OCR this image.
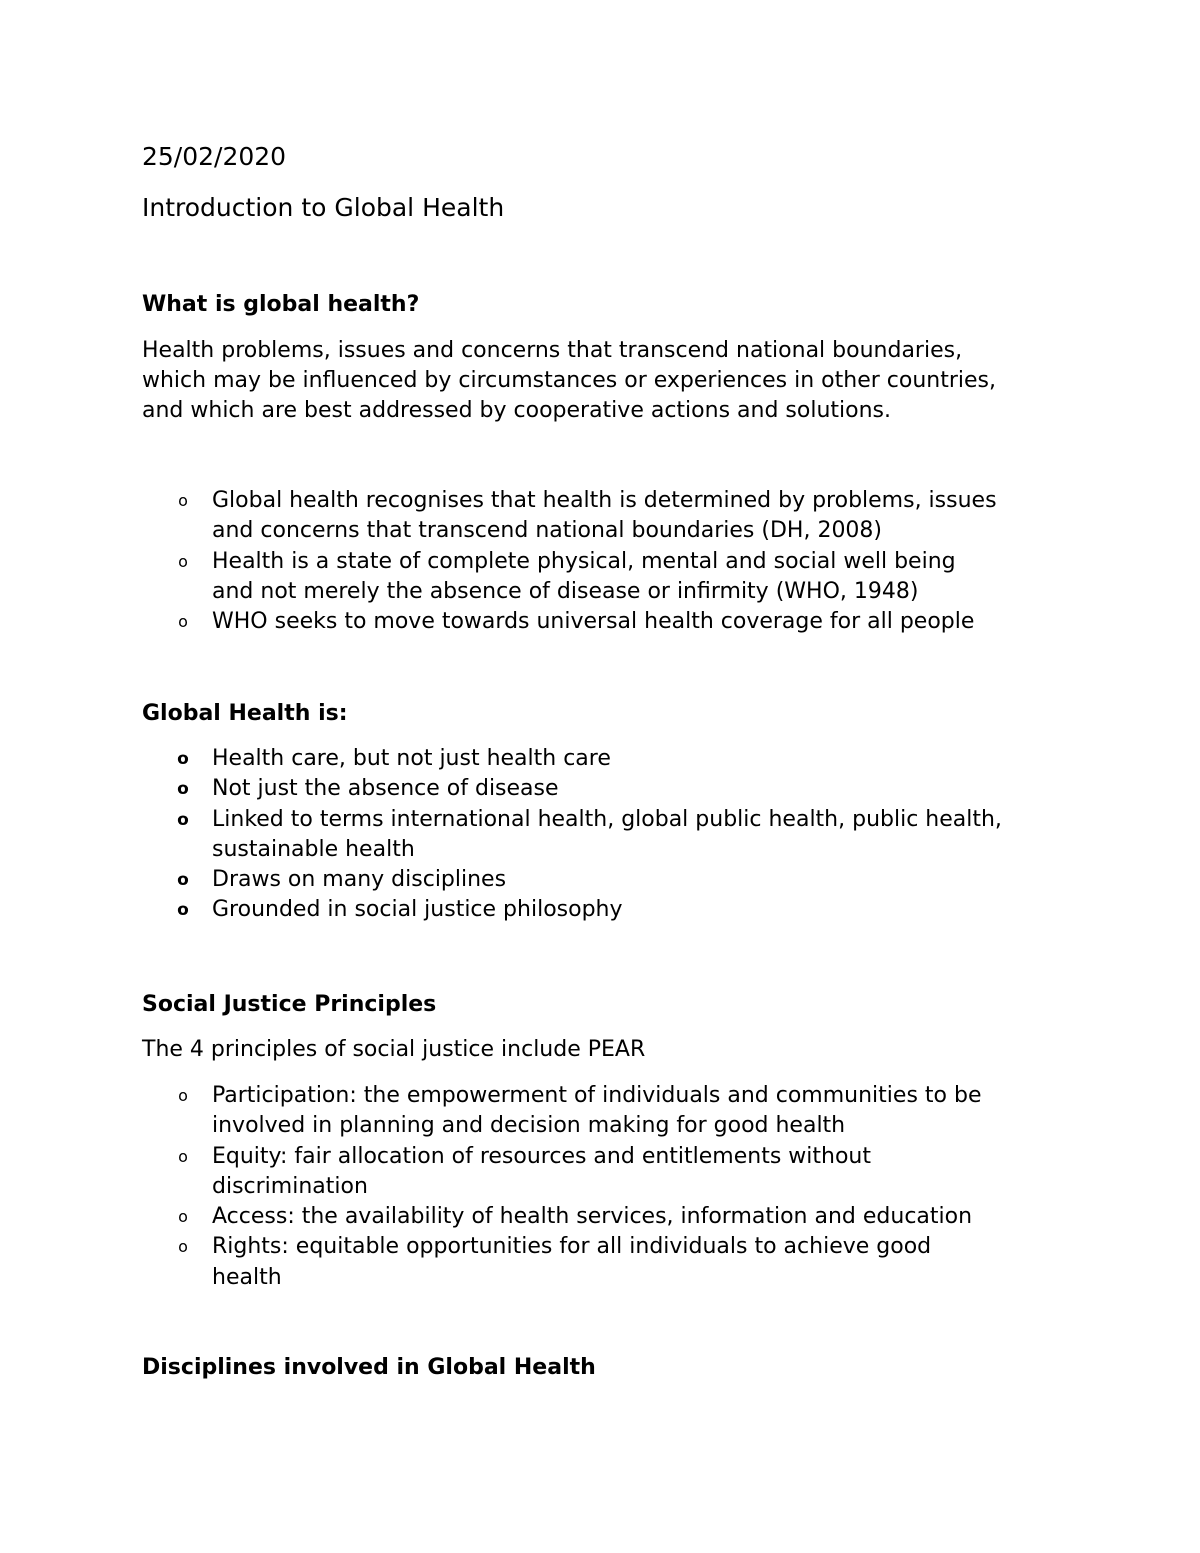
25/02/2020

Introduction to Global Health

What is global health?

Health problems, issues and concerns that transcend national boundaries,

which may be influenced by circumstances or experiences in other countries,

and which are best addressed by cooperative actions and solutions.

o Global health recognises that health is determined by problems, issues
and concerns that transcend national boundaries (DH, 2008)
o Health is a state of complete physical, mental and social well being
and not merely the absence of disease or infirmity (WHO, 1948)
o WHO seeks to move towards universal health coverage for all people

Global Health is:

o Health care, but not just health care
o Not just the absence of disease
o Linked to terms international health, global public health, public health,
sustainable health
o Draws on many disciplines
o Grounded in social justice philosophy

Social Justice Principles

The 4 principles of social justice include PEAR

o Participation: the empowerment of individuals and communities to be
involved in planning and decision making for good health
o Equity: fair allocation of resources and entitlements without
discrimination
o Access: the availability of health services, information and education
o Rights: equitable opportunities for all individuals to achieve good
health

Disciplines involved in Global Health
